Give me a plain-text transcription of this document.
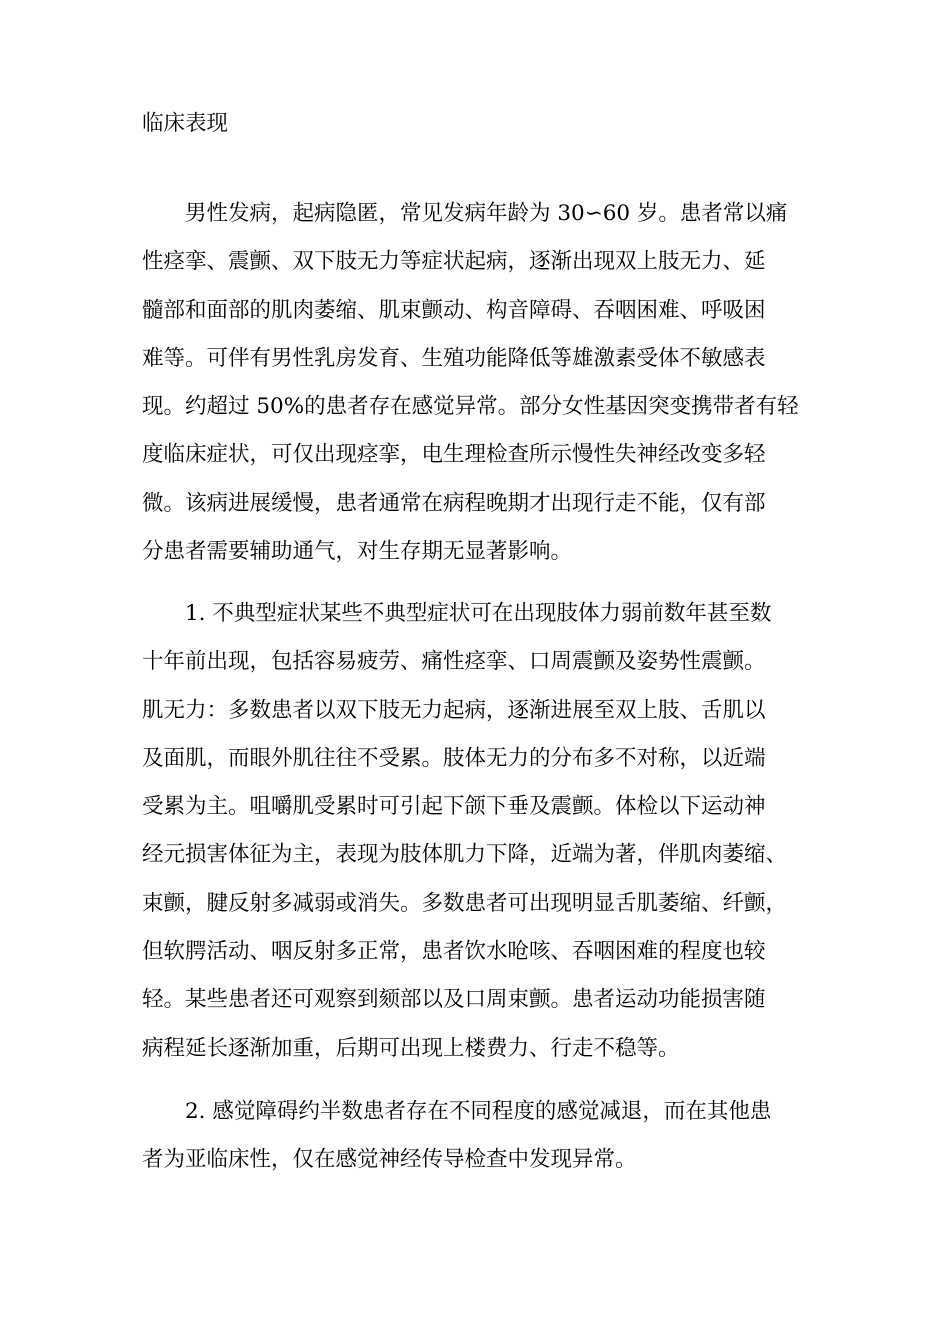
临床表现
男性发病，起病隐匿，常见发病年龄为 30∽60 岁。患者常以痛
性痉挛、震颤、双下肢无力等症状起病，逐渐出现双上肢无力、延
髓部和面部的肌肉萎缩、肌束颤动、构音障碍、吞咽困难、呼吸困
难等。可伴有男性乳房发育、生殖功能降低等雄激素受体不敏感表
现。约超过 50%的患者存在感觉异常。部分女性基因突变携带者有轻
度临床症状，可仅出现痉挛，电生理检查所示慢性失神经改变多轻
微。该病进展缓慢，患者通常在病程晚期才出现行走不能，仅有部
分患者需要辅助通气，对生存期无显著影响。
1. 不典型症状某些不典型症状可在出现肢体力弱前数年甚至数
十年前出现，包括容易疲劳、痛性痉挛、口周震颤及姿势性震颤。
肌无力：多数患者以双下肢无力起病，逐渐进展至双上肢、舌肌以
及面肌，而眼外肌往往不受累。肢体无力的分布多不对称，以近端
受累为主。咀嚼肌受累时可引起下颌下垂及震颤。体检以下运动神
经元损害体征为主，表现为肢体肌力下降，近端为著，伴肌肉萎缩、
束颤，腱反射多减弱或消失。多数患者可出现明显舌肌萎缩、纤颤，
但软腭活动、咽反射多正常，患者饮水呛咳、吞咽困难的程度也较
轻。某些患者还可观察到颏部以及口周束颤。患者运动功能损害随
病程延长逐渐加重，后期可出现上楼费力、行走不稳等。
2. 感觉障碍约半数患者存在不同程度的感觉减退，而在其他患
者为亚临床性，仅在感觉神经传导检查中发现异常。
